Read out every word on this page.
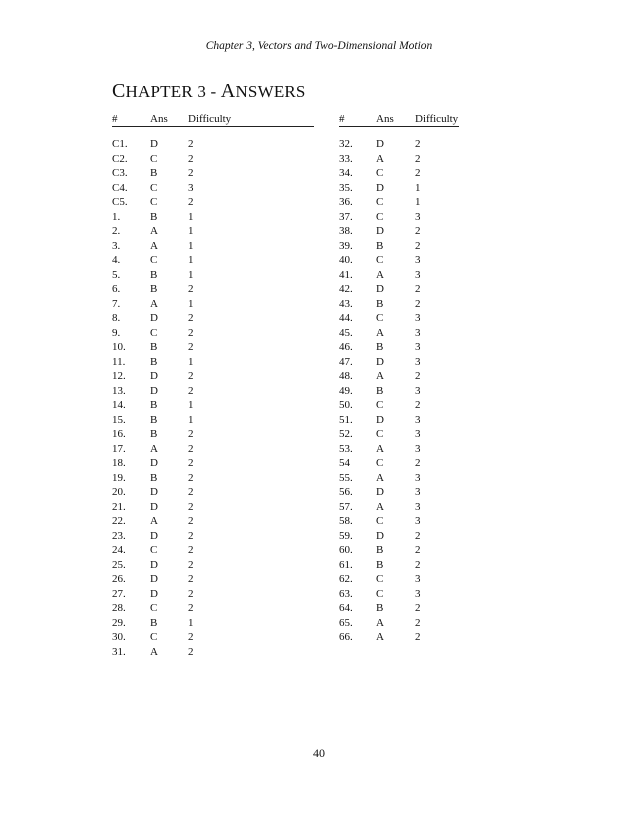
Chapter 3, Vectors and Two-Dimensional Motion
CHAPTER 3 - ANSWERS
#	Ans Difficulty
C1. D	2
C2. C	2
C3. B	2
C4. C	3
C5. C	2
1.	B	1
2.	A	1
3.	A	1
4.	C	1
5.	B	1
6.	B	2
7.	A	1
8.	D	2
9.	C	2
10. B	2
11. B	1
12. D	2
13. D	2
14. B	1
15. B	1
16. B	2
17. A	2
18. D	2
19. B	2
20. D	2
21. D	2
22. A	2
23. D	2
24. C	2
25. D	2
26. D	2
27. D	2
28. C	2
29. B	1
30. C	2
31. A	2
#	Ans Difficulty
32. D	2
33. A	2
34. C	2
35. D	1
36. C	1
37. C	3
38. D	2
39. B	2
40. C	3
41. A	3
42. D	2
43. B	2
44. C	3
45. A	3
46. B	3
47. D	3
48. A	2
49. B	3
50. C	2
51. D	3
52. C	3
53. A	3
54 C	2
55. A	3
56. D	3
57. A	3
58. C	3
59. D	2
60. B	2
61. B	2
62. C	3
63. C	3
64. B	2
65. A	2
66. A	2
40
